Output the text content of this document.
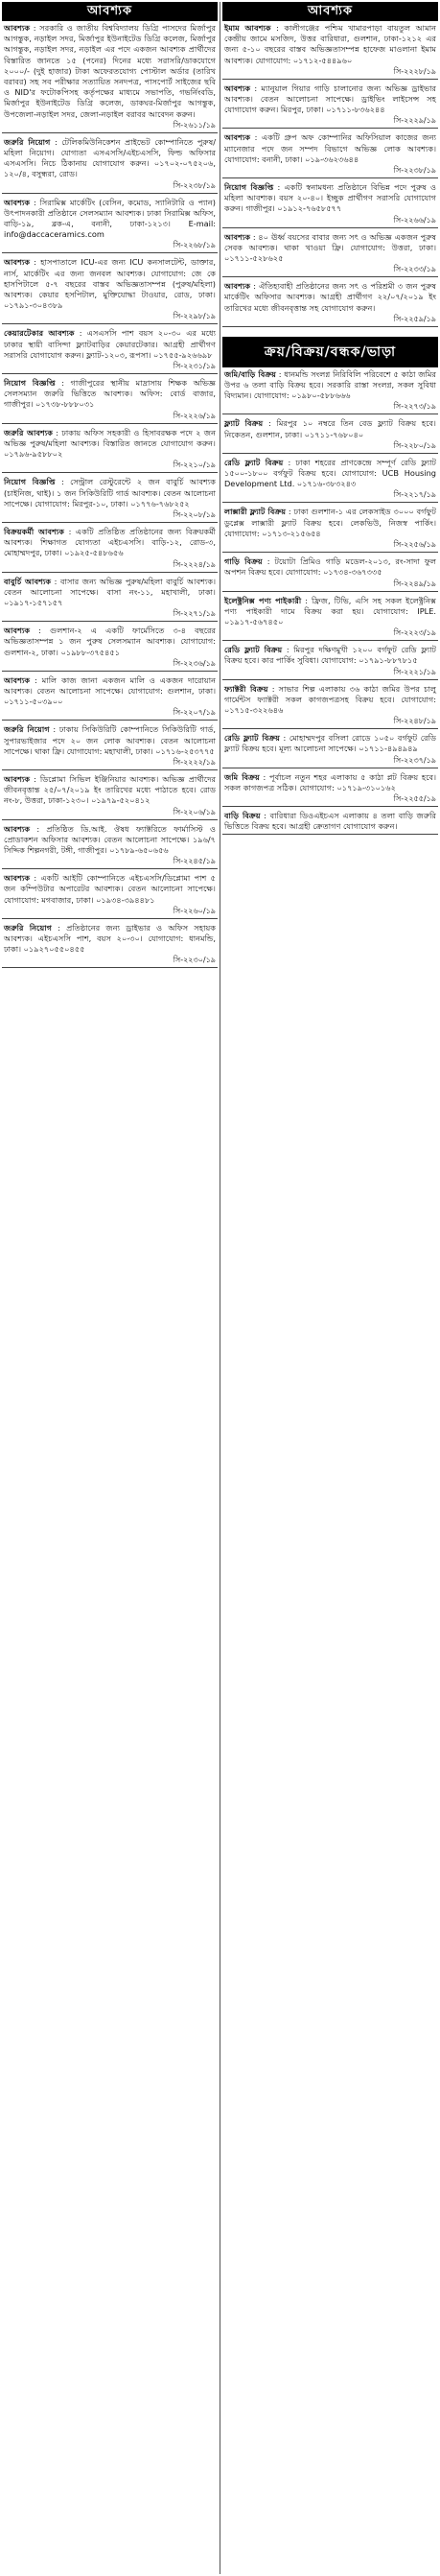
আবশ্যক
আবশ্যক : সরকারি ও জাতীয় বিশ্ববিদ্যালয় ডিগ্রি পাসদের মির্জাপুর আগন্তুক, নড়াইল সদর, মির্জাপুর ইউনাইটেড ডিগ্রি কলেজ, মির্জাপুর আগন্তুক, নড়াইল সদর, নড়াইল এর পদে একজন আবশ্যক প্রার্থীদের বিস্তারিত জানতে ১৫ (পনের) দিনের মধ্যে সরাসরি/ডাকযোগে ২০০০/- (দুই হাজার) টাকা অফেরতযোগ্য পোস্টাল অর্ডার (তারিখ বরাবর) সহ সব পরীক্ষার সত্যায়িত সনদপত্র, পাসপোর্ট সাইজের ছবি ও NID'র ফটোকপিসহ কর্তৃপক্ষের মাধ্যমে সভাপতি, গভর্নিংবডি, মির্জাপুর ইউনাইটেড ডিগ্রি কলেজ, ডাকঘর-মির্জাপুর আগন্তুক, উপজেলা-নড়াইল সদর, জেলা-নড়াইল বরাবর আবেদন করুন।
সি-২৬১১/১৯
জরুরি নিয়োগ : টেলিকমিউনিকেশন প্রাইভেট কোম্পানিতে পুরুষ/মহিলা নিয়োগ। যোগ্যতা এসএসসি/এইচএসসি, ফিল্ড অফিসার এসএসসি। নিচে ঠিকানায় যোগাযোগ করুন। ০১৭০২-০৭৫২০৬, ১২০/৪, বসুন্ধরা, রোড।
সি-২২৩৮/১৯
আবশ্যক : সিরামিক্স মার্কেটিং (বেসিন, কমোড, স্যানিটারি ও প্যান) উৎপাদনকারী প্রতিষ্ঠানে সেলসম্যান আবশ্যক। ঢাকা সিরামিক্স অফিস, বাড়ি-১৯, ব্লক-এ, বনানী, ঢাকা-১২১৩। E-mail: info@daccaceramics.com
সি-২২৬৮/১৯
আবশ্যক : হাসপাতালে ICU-এর জন্য ICU কনসালটেন্ট, ডাক্তার, নার্স, মার্কেটিং এর জন্য জনবল আবশ্যক। যোগাযোগ: জে কে হাসপিটালে ৫-৭ বছরের বাস্তব অভিজ্ঞতাসম্পন্ন (পুরুষ/মহিলা) আবশ্যক। কেয়ার হসপিটাল, মুক্তিযোদ্ধা টাওয়ার, রোড, ঢাকা। ০১৭৯১-৩০৪৩৮৯
সি-২২৯৮/১৯
কেয়ারটেকার আবশ্যক : এসএসসি পাশ বয়স ২০-৩০ এর মধ্যে ঢাকার স্থায়ী বাসিন্দা ফ্ল্যাটবাড়ির কেয়ারটেকার। আগ্রহী প্রার্থীগণ সরাসরি যোগাযোগ করুন। ফ্ল্যাট-১২০৩, রূপসা। ০১৭৫৫-৯২৬৬৯৮
সি-২২৩১/১৯
নিয়োগ বিজ্ঞপ্তি : গাজীপুরের স্থানীয় মাদ্রাসায় শিক্ষক অভিজ্ঞ সেলসম্যান জরুরি ভিত্তিতে আবশ্যক। অফিস: বোর্ড বাজার, গাজীপুর। ০১৭৩৮-৮৮৮০৩১
সি-২২২৬/১৯
জরুরি আবশ্যক : ঢাকায় অফিস সহকারী ও হিসাবরক্ষক পদে ২ জন অভিজ্ঞ পুরুষ/মহিলা আবশ্যক। বিস্তারিত জানতে যোগাযোগ করুন। ০১৭৯৬-৯৫৮৮০২
সি-২২১০/১৯
নিয়োগ বিজ্ঞপ্তি : সেন্ট্রাল রেস্টুরেন্টে ২ জন বাবুর্চি আবশ্যক (চাইনিজ, থাই)। ১ জন সিকিউরিটি গার্ড আবশ্যক। বেতন আলোচনা সাপেক্ষে। যোগাযোগ: মিরপুর-১০, ঢাকা। ০১৭৭৬-৭৬৮২৫২
সি-২২০৮/১৯
বিক্রয়কর্মী আবশ্যক : একটি প্রতিষ্ঠিত প্রতিষ্ঠানের জন্য বিক্রয়কর্মী আবশ্যক। শিক্ষাগত যোগ্যতা এইচএসসি। বাড়ি-১২, রোড-৩, মোহাম্মদপুর, ঢাকা। ০১৯২৫-৫৪৮৬৫৬
সি-২২২৪/১৯
বাবুর্চি আবশ্যক : বাসার জন্য অভিজ্ঞ পুরুষ/মহিলা বাবুর্চি আবশ্যক। বেতন আলোচনা সাপেক্ষে। বাসা নং-১১, মহাখালী, ঢাকা। ০১৯১৭-১৫৭১৫৭
সি-২২৭১/১৯
আবশ্যক : গুলশান-২ এ একটি ফার্মেসিতে ৩-৪ বছরের অভিজ্ঞতাসম্পন্ন ১ জন পুরুষ সেলসম্যান আবশ্যক। যোগাযোগ: গুলশান-২, ঢাকা। ০১৯৮৮-৩৭৫৪৫১
সি-২২৩৬/১৯
আবশ্যক : মালি কাজ জানা একজন মালি ও একজন দারোয়ান আবশ্যক। বেতন আলোচনা সাপেক্ষে। যোগাযোগ: গুলশান, ঢাকা। ০১৭১১-৫০৩৯০০
সি-২২০৭/১৯
জরুরি নিয়োগ : ঢাকায় সিকিউরিটি কোম্পানিতে সিকিউরিটি গার্ড, সুপারভাইজার পদে ২০ জন লোক আবশ্যক। বেতন আলোচনা সাপেক্ষে। থাকা ফ্রি। যোগাযোগ: মহাখালী, ঢাকা। ০১৭১৬-২৫৩৭৭৫
সি-২২২২/১৯
আবশ্যক : ডিপ্লোমা সিভিল ইঞ্জিনিয়ার আবশ্যক। অভিজ্ঞ প্রার্থীদের জীবনবৃত্তান্ত ২৫/০৭/২০১৯ ইং তারিখের মধ্যে পাঠাতে হবে। রোড নং-৮, উত্তরা, ঢাকা-১২৩০। ০১৯৭৯-৫২০৪১২
সি-২২০৬/১৯
আবশ্যক : প্রতিষ্ঠিত ডি.আই. ঔষধ ফ্যাক্টরিতে ফার্মাসিস্ট ও প্রোডাকশন অফিসার আবশ্যক। বেতন আলোচনা সাপেক্ষে। ১৯৬/৭ সিদ্দিক শিল্পনগরী, টঙ্গী, গাজীপুর। ০১৭৮৯-৬৫০৬৫৬
সি-২২৪৫/১৯
আবশ্যক : একটি আইটি কোম্পানিতে এইচএসসি/ডিপ্লোমা পাশ ৫ জন কম্পিউটার অপারেটর আবশ্যক। বেতন আলোচনা সাপেক্ষে। যোগাযোগ: মগবাজার, ঢাকা। ০১৯৩৪-৩৯৪৪৮১
সি-২২৬০/১৯
জরুরি নিয়োগ : প্রতিষ্ঠানের জন্য ড্রাইভার ও অফিস সহায়ক আবশ্যক। এইচএসসি পাশ, বয়স ২০-৩০। যোগাযোগ: ধানমন্ডি, ঢাকা। ০১৯২৭০৫৫০৪৫৫
সি-২২৩০/১৯
আবশ্যক
ইমাম আবশ্যক : কালীগঞ্জের পশ্চিম খামারপাড়া বায়তুল আমান কেন্দ্রীয় জামে মসজিদ, উত্তর বারিধারা, গুলশান, ঢাকা-১২১২ এর জন্য ৫-১০ বছরের বাস্তব অভিজ্ঞতাসম্পন্ন হাফেজ মাওলানা ইমাম আবশ্যক। যোগাযোগ: ০১৭১২-৫৪৪৯৬০
সি-২২২৮/১৯
আবশ্যক : ম্যানুয়াল গিয়ার গাড়ি চালানোর জন্য অভিজ্ঞ ড্রাইভার আবশ্যক। বেতন আলোচনা সাপেক্ষে। ড্রাইভিং লাইসেন্স সহ যোগাযোগ করুন। মিরপুর, ঢাকা। ০১৭১১-৮৩৬২৪৪
সি-২২২৯/১৯
আবশ্যক : একটি গ্রুপ অফ কোম্পানির অফিসিয়াল কাজের জন্য ম্যানেজার পদে জন সম্পদ বিভাগে অভিজ্ঞ লোক আবশ্যক। যোগাযোগ: বনানী, ঢাকা। ০১৯-৩৬২৩৬৪৪
সি-২২৩৮/১৯
নিয়োগ বিজ্ঞপ্তি : একটি স্বনামধন্য প্রতিষ্ঠানে বিভিন্ন পদে পুরুষ ও মহিলা আবশ্যক। বয়স ২০-৪০। ইচ্ছুক প্রার্থীগণ সরাসরি যোগাযোগ করুন। গাজীপুর। ০১৯১২-৭৬৫৮৫৭৭
সি-২২৬৬/১৯
আবশ্যক : ৪০ ঊর্ধ্ব বয়সের বাবার জন্য সৎ ও অভিজ্ঞ একজন পুরুষ সেবক আবশ্যক। থাকা খাওয়া ফ্রি। যোগাযোগ: উত্তরা, ঢাকা। ০১৭১১-৫২৮৬২৫
সি-২২৩৩/১৯
আবশ্যক : ঐতিহ্যবাহী প্রতিষ্ঠানের জন্য সৎ ও পরিশ্রমী ৩ জন পুরুষ মার্কেটিং অফিসার আবশ্যক। আগ্রহী প্রার্থীগণ ২২/০৭/২০১৯ ইং তারিখের মধ্যে জীবনবৃত্তান্ত সহ যোগাযোগ করুন।
সি-২২৫৯/১৯
ক্রয়/বিক্রয়/বন্ধক/ভাড়া
জমি/বাড়ি বিক্রয় : ধানমন্ডি সংলগ্ন নিরিবিলি পরিবেশে ৫ কাঠা জমির উপর ৬ তলা বাড়ি বিক্রয় হবে। সরকারি রাস্তা সংলগ্ন, সকল সুবিধা বিদ্যমান। যোগাযোগ: ০১৯৮০-৫৮৮৬৬৬
সি-২২৭৩/১৯
ফ্ল্যাট বিক্রয় : মিরপুর ১০ নম্বরে তিন বেড ফ্ল্যাট বিক্রয় হবে। নিকেতন, গুলশান, ঢাকা। ০১৭১১-৭৬৮০৪০
সি-২২৮০/১৯
রেডি ফ্ল্যাট বিক্রয় : ঢাকা শহরের প্রাণকেন্দ্রে সম্পূর্ণ রেডি ফ্ল্যাট ১৫০০-১৮০০ বর্গফুট বিক্রয় হবে। যোগাযোগ: UCB Housing Development Ltd. ০১৭১৬-৩৮৩২৪৩
সি-২২১৭/১৯
লাক্সারী ফ্ল্যাট বিক্রয় : ঢাকা গুলশান-১ এর লেকসাইড ৩০০০ বর্গফুট ডুপ্লেক্স লাক্সারী ফ্ল্যাট বিক্রয় হবে। লেকভিউ, নিজস্ব পার্কিং। যোগাযোগ: ০১৭১৩-২১৫৬৫৪
সি-২২৫৬/১৯
গাড়ি বিক্রয় : টয়োটা প্রিমিও গাড়ি মডেল-২০১৩, রং-সাদা ফুল অপশন বিক্রয় হবে। যোগাযোগ: ০১৭৩৪-৩৬৭৩৩৫
সি-২২৪৯/১৯
ইলেক্ট্রনিক্স পণ্য পাইকারী : ফ্রিজ, টিভি, এসি সহ সকল ইলেক্ট্রনিক্স পণ্য পাইকারী দামে বিক্রয় করা হয়। যোগাযোগ: IPLE. ০১৯১৭-৫৬৭৪৫০
সি-২২২৩/১৯
রেডি ফ্ল্যাট বিক্রয় : মিরপুর দক্ষিণমুখী ১২০০ বর্গফুট রেডি ফ্ল্যাট বিক্রয় হবে। কার পার্কিং সুবিধা। যোগাযোগ: ০১৭৯১-৮৮৭৮১৫
সি-২২২১/১৯
ফ্যাক্টরী বিক্রয় : সাভার শিল্প এলাকায় ৩৬ কাঠা জমির উপর চালু গার্মেন্টস ফ্যাক্টরী সকল কাগজপত্রসহ বিক্রয় হবে। যোগাযোগ: ০১৭১৫-৩২২৬৪৬
সি-২২৪৮/১৯
রেডি ফ্ল্যাট বিক্রয় : মোহাম্মদপুর বসিলা রোডে ১০৫০ বর্গফুট রেডি ফ্ল্যাট বিক্রয় হবে। মূল্য আলোচনা সাপেক্ষে। ০১৭১১-৪৯৪৯৪৯
সি-২২৩৭/১৯
জমি বিক্রয় : পূর্বাচল নতুন শহর এলাকায় ৫ কাঠা প্লট বিক্রয় হবে। সকল কাগজপত্র সঠিক। যোগাযোগ: ০১৭১৯-৩১০১৬২
সি-২২৫৫/১৯
বাড়ি বিক্রয় : বারিধারা ডিওএইচএস এলাকায় ৪ তলা বাড়ি জরুরি ভিত্তিতে বিক্রয় হবে। আগ্রহী ক্রেতাগণ যোগাযোগ করুন।
